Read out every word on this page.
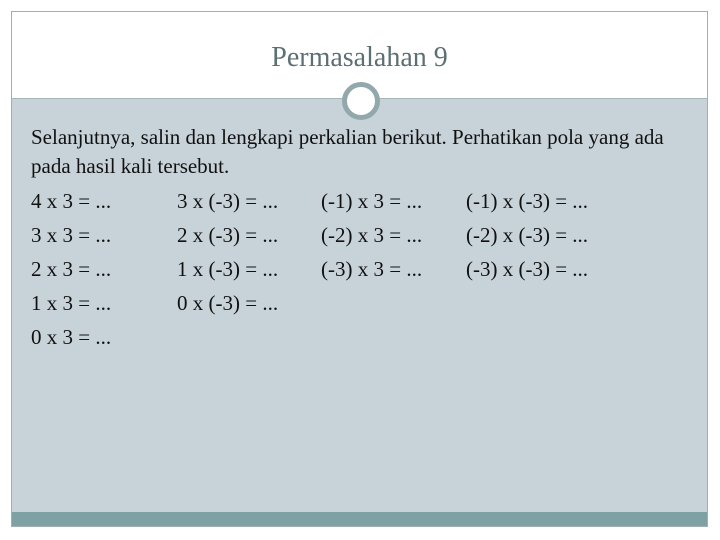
Permasalahan 9
Selanjutnya, salin dan lengkapi perkalian berikut. Perhatikan pola yang ada pada hasil kali tersebut.
4 x 3 = ...	3 x (-3) = ...	(-1) x 3 = ...	(-1) x (-3) = ...
3 x 3 = ...	2 x (-3) = ...	(-2) x 3 = ...	(-2) x (-3) = ...
2 x 3 = ...	1 x (-3) = ...	(-3) x 3 = ...	(-3) x (-3) = ...
1 x 3 = ...	0 x (-3) = ...
0 x 3 = ...
